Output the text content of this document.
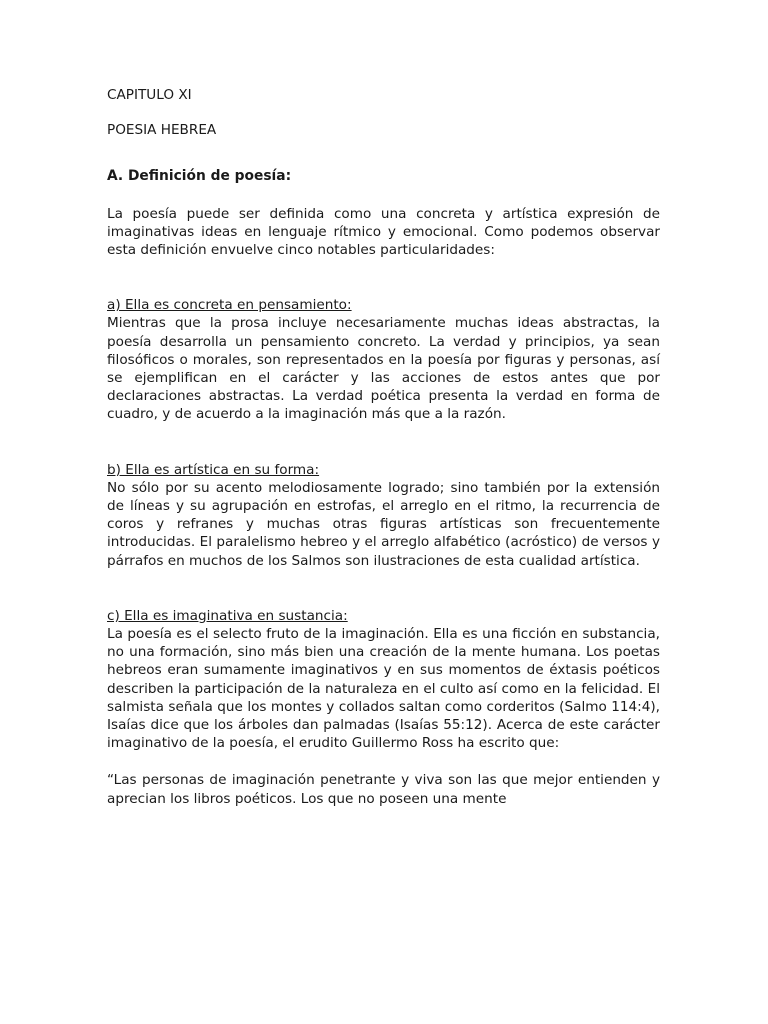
CAPITULO XI

POESIA HEBREA

A. Definición de poesía:

La poesía puede ser definida como una concreta y artística expresión de imaginativas ideas en lenguaje rítmico y emocional. Como podemos observar esta definición envuelve cinco notables particularidades:

a) Ella es concreta en pensamiento:

Mientras que la prosa incluye necesariamente muchas ideas abstractas, la poesía desarrolla un pensamiento concreto. La verdad y principios, ya sean filosóficos o morales, son representados en la poesía por figuras y personas, así se ejemplifican en el carácter y las acciones de estos antes que por declaraciones abstractas. La verdad poética presenta la verdad en forma de cuadro, y de acuerdo a la imaginación más que a la razón.

b) Ella es artística en su forma:

No sólo por su acento melodiosamente logrado; sino también por la extensión de líneas y su agrupación en estrofas, el arreglo en el ritmo, la recurrencia de coros y refranes y muchas otras figuras artísticas son frecuentemente introducidas. El paralelismo hebreo y el arreglo alfabético (acróstico) de versos y párrafos en muchos de los Salmos son ilustraciones de esta cualidad artística.

c) Ella es imaginativa en sustancia:

La poesía es el selecto fruto de la imaginación. Ella es una ficción en substancia, no una formación, sino más bien una creación de la mente humana. Los poetas hebreos eran sumamente imaginativos y en sus momentos de éxtasis poéticos describen la participación de la naturaleza en el culto así como en la felicidad. El salmista señala que los montes y collados saltan como corderitos (Salmo 114:4), Isaías dice que los árboles dan palmadas (Isaías 55:12). Acerca de este carácter imaginativo de la poesía, el erudito Guillermo Ross ha escrito que:

“Las personas de imaginación penetrante y viva son las que mejor entienden y aprecian los libros poéticos. Los que no poseen una mente
